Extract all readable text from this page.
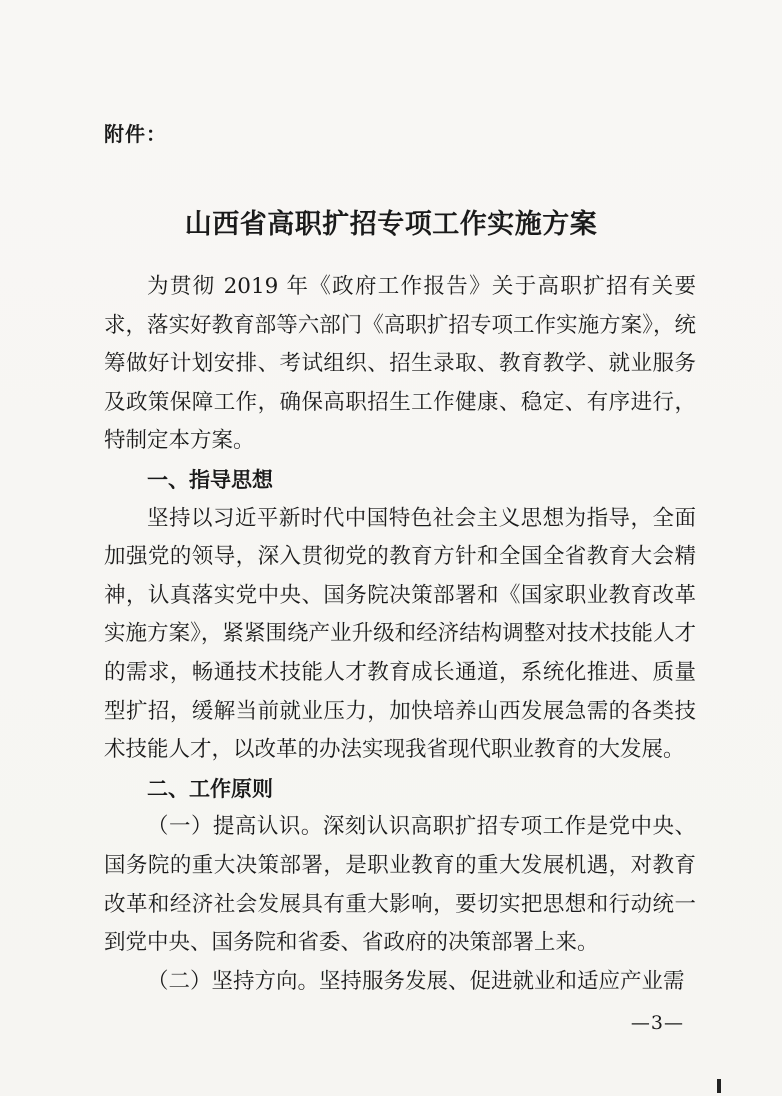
附件：
山西省高职扩招专项工作实施方案

为贯彻 2019 年《政府工作报告》关于高职扩招有关要求，落实好教育部等六部门《高职扩招专项工作实施方案》，统筹做好计划安排、考试组织、招生录取、教育教学、就业服务及政策保障工作，确保高职招生工作健康、稳定、有序进行，特制定本方案。

一、指导思想

坚持以习近平新时代中国特色社会主义思想为指导，全面加强党的领导，深入贯彻党的教育方针和全国全省教育大会精神，认真落实党中央、国务院决策部署和《国家职业教育改革实施方案》，紧紧围绕产业升级和经济结构调整对技术技能人才的需求，畅通技术技能人才教育成长通道，系统化推进、质量型扩招，缓解当前就业压力，加快培养山西发展急需的各类技术技能人才，以改革的办法实现我省现代职业教育的大发展。

二、工作原则

（一）提高认识。深刻认识高职扩招专项工作是党中央、国务院的重大决策部署，是职业教育的重大发展机遇，对教育改革和经济社会发展具有重大影响，要切实把思想和行动统一到党中央、国务院和省委、省政府的决策部署上来。

（二）坚持方向。坚持服务发展、促进就业和适应产业需

—3—
